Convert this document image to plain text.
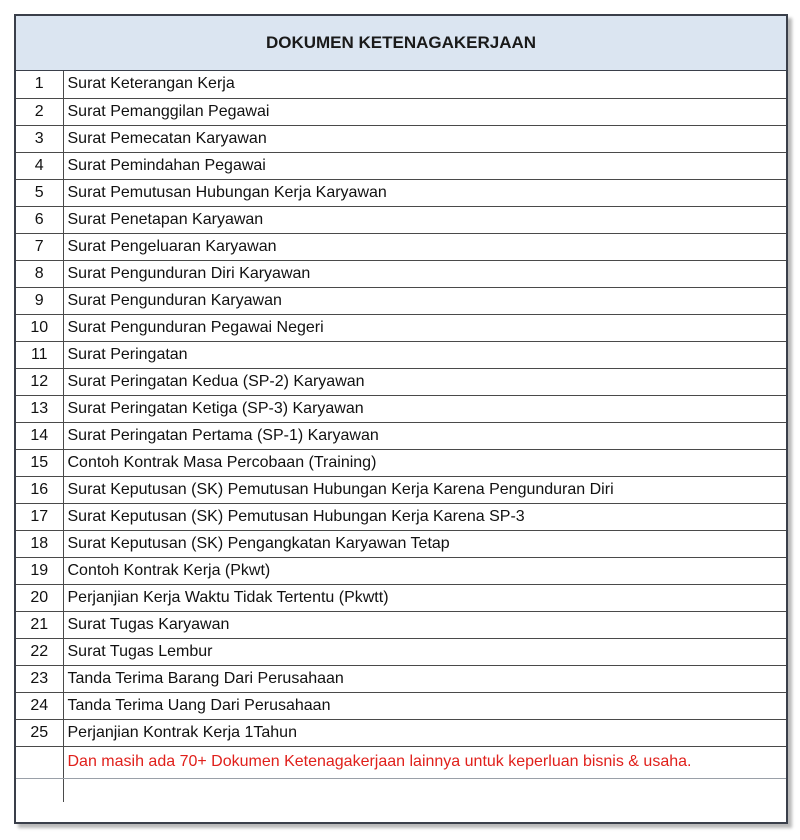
DOKUMEN KETENAGAKERJAAN
1	Surat Keterangan Kerja
2	Surat Pemanggilan Pegawai
3	Surat Pemecatan Karyawan
4	Surat Pemindahan Pegawai
5	Surat Pemutusan Hubungan Kerja Karyawan
6	Surat Penetapan Karyawan
7	Surat Pengeluaran Karyawan
8	Surat Pengunduran Diri Karyawan
9	Surat Pengunduran Karyawan
10	Surat Pengunduran Pegawai Negeri
11	Surat Peringatan
12	Surat Peringatan Kedua (SP-2) Karyawan
13	Surat Peringatan Ketiga (SP-3) Karyawan
14	Surat Peringatan Pertama (SP-1) Karyawan
15	Contoh Kontrak Masa Percobaan (Training)
16	Surat Keputusan (SK) Pemutusan Hubungan Kerja Karena Pengunduran Diri
17	Surat Keputusan (SK) Pemutusan Hubungan Kerja Karena SP-3
18	Surat Keputusan (SK) Pengangkatan Karyawan Tetap
19	Contoh Kontrak Kerja (Pkwt)
20	Perjanjian Kerja Waktu Tidak Tertentu (Pkwtt)
21	Surat Tugas Karyawan
22	Surat Tugas Lembur
23	Tanda Terima Barang Dari Perusahaan
24	Tanda Terima Uang Dari Perusahaan
25	Perjanjian Kontrak Kerja 1Tahun
	Dan masih ada 70+ Dokumen Ketenagakerjaan lainnya untuk keperluan bisnis & usaha.
